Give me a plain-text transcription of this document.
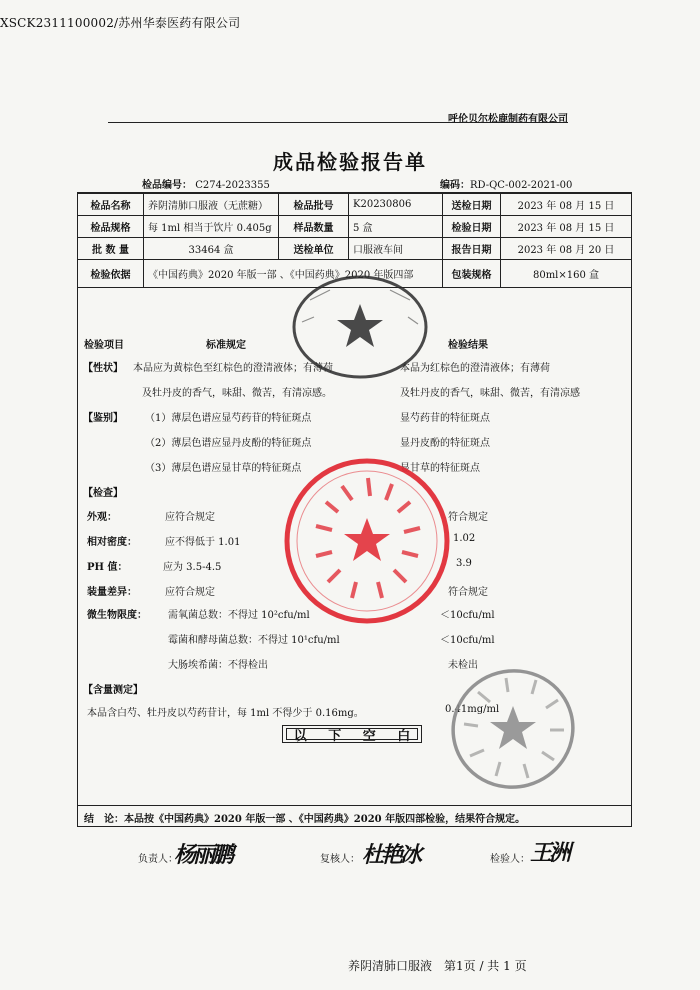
XSCK2311100002/苏州华泰医药有限公司
呼伦贝尔松鹿制药有限公司
成品检验报告单
检品编号： C274-2023355	编码：RD-QC-002-2021-00
检品名称	养阴清肺口服液（无蔗糖）	检品批号	K20230806	送检日期	2023 年 08 月 15 日
检品规格	每 1ml 相当于饮片 0.405g	样品数量	5 盒	检验日期	2023 年 08 月 15 日
批 数 量	33464 盒	送检单位	口服液车间	报告日期	2023 年 08 月 20 日
检验依据	《中国药典》2020 年版一部 、《中国药典》2020 年版四部			包装规格	80ml×160 盒
检验项目	标准规定	检验结果
【性状】 本品应为黄棕色至红棕色的澄清液体；有薄荷	本品为红棕色的澄清液体；有薄荷
及牡丹皮的香气，味甜、微苦，有清凉感。	及牡丹皮的香气，味甜、微苦，有清凉感
【鉴别】 （1）薄层色谱应显芍药苷的特征斑点	显芍药苷的特征斑点
（2）薄层色谱应显丹皮酚的特征斑点	显丹皮酚的特征斑点
（3）薄层色谱应显甘草的特征斑点	显甘草的特征斑点
【检查】
外观：	应符合规定	符合规定
相对密度：	应不得低于 1.01	1.02
PH 值：	应为 3.5-4.5	3.9
装量差异：	应符合规定	符合规定
微生物限度： 需氧菌总数：不得过 10²cfu/ml	＜10cfu/ml
霉菌和酵母菌总数：不得过 10¹cfu/ml	＜10cfu/ml
大肠埃希菌：不得检出	未检出
【含量测定】
本品含白芍、牡丹皮以芍药苷计，每 1ml 不得少于 0.16mg。	0.41mg/ml
以 下 空 白
结　论：本品按《中国药典》2020 年版一部 、《中国药典》2020 年版四部检验，结果符合规定。
负责人：
杨丽鹏	复核人： 杜艳冰	检验人： 王洲
养阴清肺口服液　第1页 / 共 1 页
